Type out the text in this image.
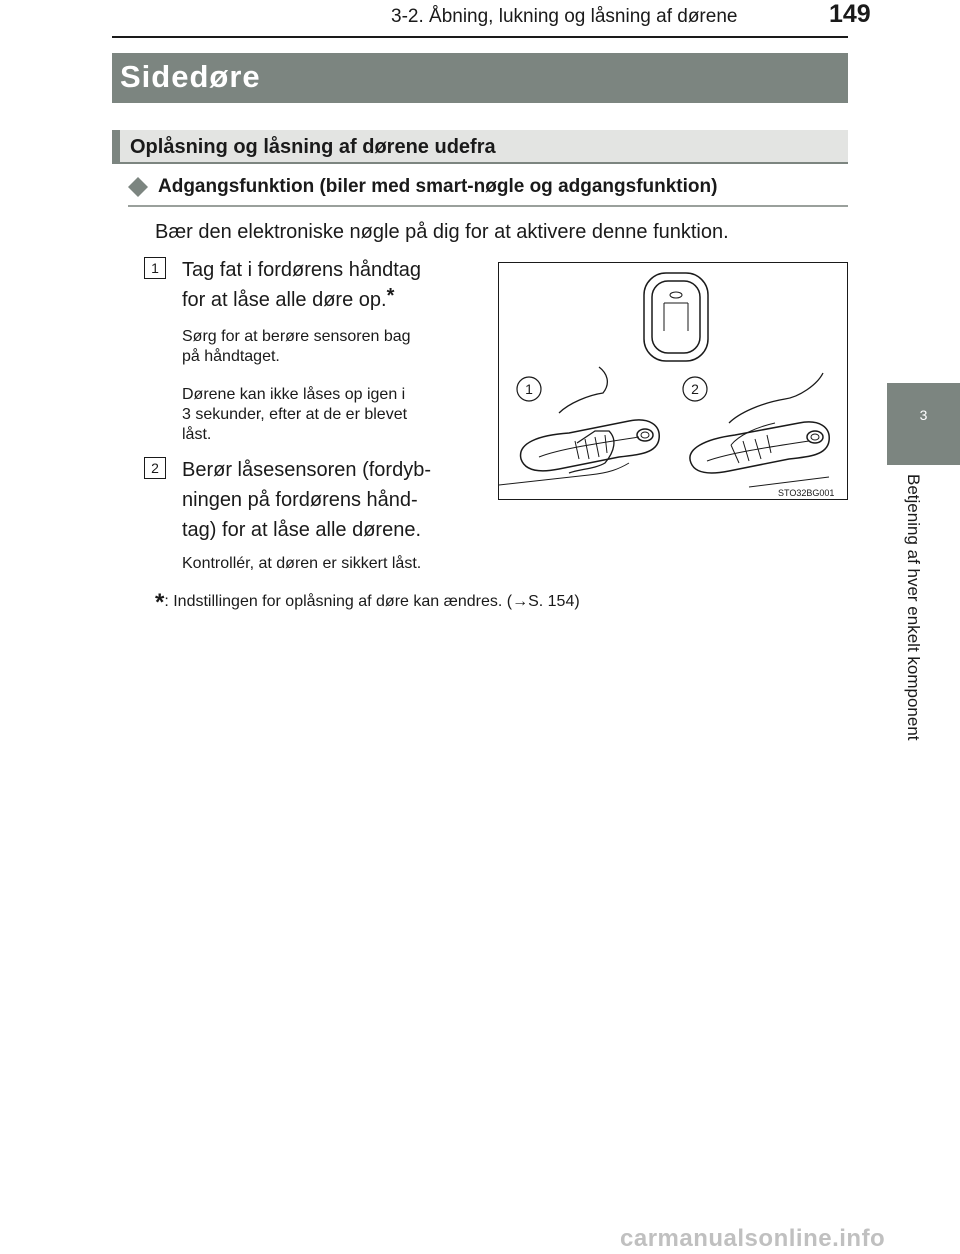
3-2. Åbning, lukning og låsning af dørene	149
3
Betjening af hver enkelt komponent
Sidedøre
Oplåsning og låsning af dørene udefra
Adgangsfunktion (biler med smart-nøgle og adgangsfunktion)
Bær den elektroniske nøgle på dig for at aktivere denne funktion.
1	Tag fat i fordørens håndtag
for at låse alle døre op.*
Sørg for at berøre sensoren bag
på håndtaget.
Dørene kan ikke låses op igen i
3 sekunder, efter at de er blevet
låst.
2	Berør låsesensoren (fordyb-
ningen på fordørens hånd-
tag) for at låse alle dørene.
Kontrollér, at døren er sikkert låst.
*: Indstillingen for oplåsning af døre kan ændres. (→S. 154)
1	2
STO32BG001
carmanualsonline.info
